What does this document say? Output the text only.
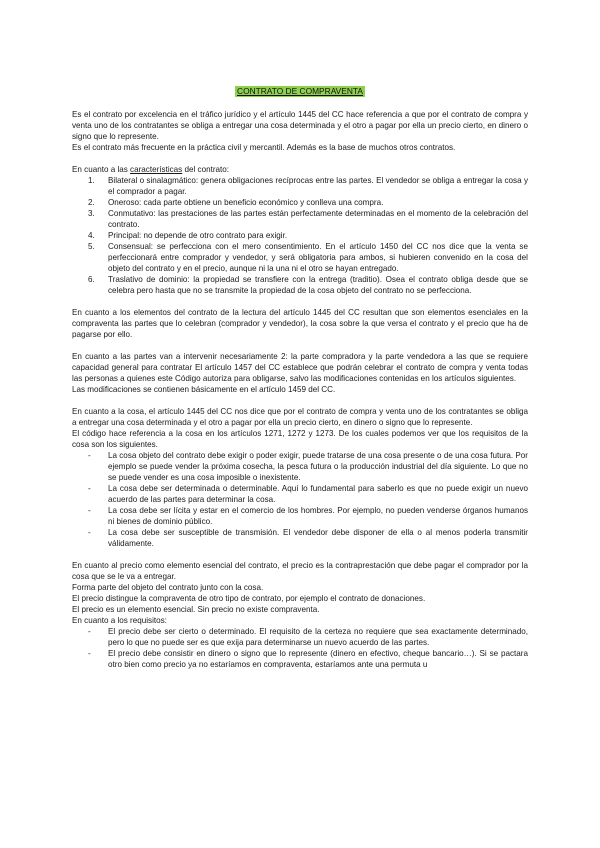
CONTRATO DE COMPRAVENTA

Es el contrato por excelencia en el tráfico jurídico y el artículo 1445 del CC hace referencia a que por el contrato de compra y venta uno de los contratantes se obliga a entregar una cosa determinada y el otro a pagar por ella un precio cierto, en dinero o signo que lo represente.

Es el contrato más frecuente en la práctica civil y mercantil. Además es la base de muchos otros contratos.

En cuanto a las características del contrato:

1. Bilateral o sinalagmático: genera obligaciones recíprocas entre las partes. El vendedor se obliga a entregar la cosa y el comprador a pagar.
2. Oneroso: cada parte obtiene un beneficio económico y conlleva una compra.
3. Conmutativo: las prestaciones de las partes están perfectamente determinadas en el momento de la celebración del contrato.
4. Principal: no depende de otro contrato para exigir.
5. Consensual: se perfecciona con el mero consentimiento. En el artículo 1450 del CC nos dice que la venta se perfeccionará entre comprador y vendedor, y será obligatoria para ambos, si hubieren convenido en la cosa del objeto del contrato y en el precio, aunque ni la una ni el otro se hayan entregado.
6. Traslativo de dominio: la propiedad se transfiere con la entrega (traditio). Osea el contrato obliga desde que se celebra pero hasta que no se transmite la propiedad de la cosa objeto del contrato no se perfecciona.

En cuanto a los elementos del contrato de la lectura del artículo 1445 del CC resultan que son elementos esenciales en la compraventa las partes que lo celebran (comprador y vendedor), la cosa sobre la que versa el contrato y el precio que ha de pagarse por ello.

En cuanto a las partes van a intervenir necesariamente 2: la parte compradora y la parte vendedora a las que se requiere capacidad general para contratar El artículo 1457 del CC establece que podrán celebrar el contrato de compra y venta todas las personas a quienes este Código autoriza para obligarse, salvo las modificaciones contenidas en los artículos siguientes.

Las modificaciones se contienen básicamente en el artículo 1459 del CC.

En cuanto a la cosa, el artículo 1445 del CC nos dice que por el contrato de compra y venta uno de los contratantes se obliga a entregar una cosa determinada y el otro a pagar por ella un precio cierto, en dinero o signo que lo represente.

El código hace referencia a la cosa en los artículos 1271, 1272 y 1273. De los cuales podemos ver que los requisitos de la cosa son los siguientes.

- La cosa objeto del contrato debe exigir o poder exigir, puede tratarse de una cosa presente o de una cosa futura. Por ejemplo se puede vender la próxima cosecha, la pesca futura o la producción industrial del día siguiente. Lo que no se puede vender es una cosa imposible o inexistente.
- La cosa debe ser determinada o determinable. Aquí lo fundamental para saberlo es que no puede exigir un nuevo acuerdo de las partes para determinar la cosa.
- La cosa debe ser lícita y estar en el comercio de los hombres. Por ejemplo, no pueden venderse órganos humanos ni bienes de dominio público.
- La cosa debe ser susceptible de transmisión. El vendedor debe disponer de ella o al menos poderla transmitir válidamente.

En cuanto al precio como elemento esencial del contrato, el precio es la contraprestación que debe pagar el comprador por la cosa que se le va a entregar.

Forma parte del objeto del contrato junto con la cosa.

El precio distingue la compraventa de otro tipo de contrato, por ejemplo el contrato de donaciones.

El precio es un elemento esencial. Sin precio no existe compraventa.

En cuanto a los requisitos:

- El precio debe ser cierto o determinado. El requisito de la certeza no requiere que sea exactamente determinado, pero lo que no puede ser es que exija para determinarse un nuevo acuerdo de las partes.
- El precio debe consistir en dinero o signo que lo represente (dinero en efectivo, cheque bancario…). Si se pactara otro bien como precio ya no estaríamos en compraventa, estaríamos ante una permuta u
